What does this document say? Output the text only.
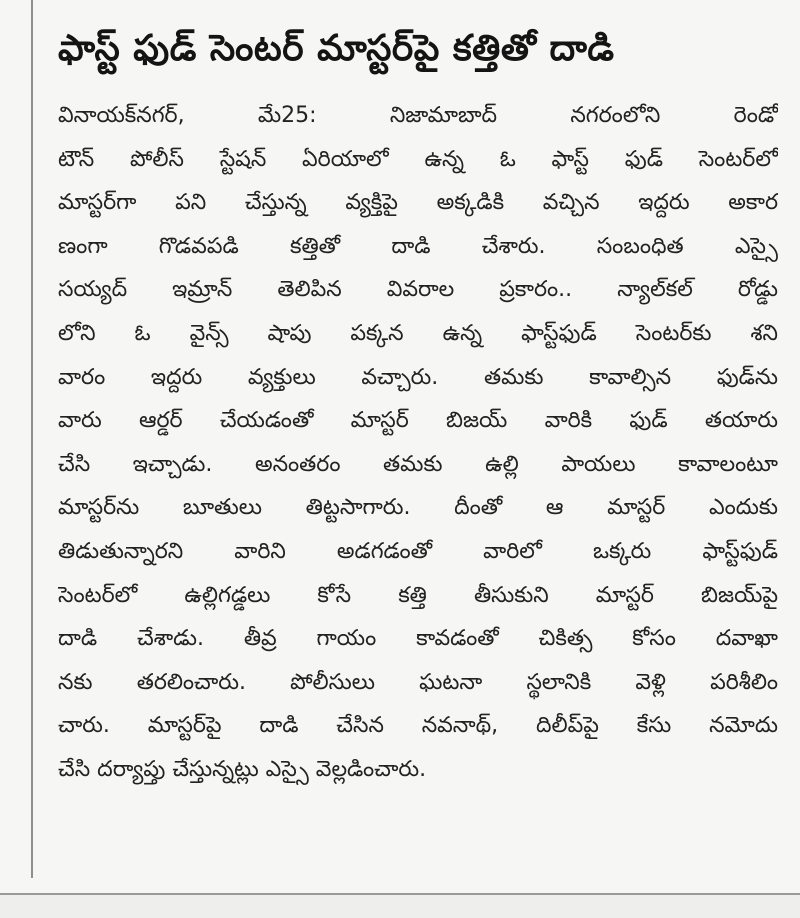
ఫాస్ట్ ఫుడ్ సెంటర్ మాస్టర్‌పై కత్తితో దాడి
వినాయక్‌నగర్, మే25: నిజామాబాద్ నగరంలోని రెండో
టౌన్ పోలీస్ స్టేషన్ ఏరియాలో ఉన్న ఓ ఫాస్ట్ ఫుడ్ సెంటర్‌లో
మాస్టర్‌గా పని చేస్తున్న వ్యక్తిపై అక్కడికి వచ్చిన ఇద్దరు అకార
ణంగా గొడవపడి కత్తితో దాడి చేశారు. సంబంధిత ఎస్సై
సయ్యద్ ఇమ్రాన్ తెలిపిన వివరాల ప్రకారం.. న్యాల్‌కల్ రోడ్డు
లోని ఓ వైన్స్ షాపు పక్కన ఉన్న ఫాస్ట్‌ఫుడ్ సెంటర్‌కు శని
వారం ఇద్దరు వ్యక్తులు వచ్చారు. తమకు కావాల్సిన ఫుడ్‌ను
వారు ఆర్డర్ చేయడంతో మాస్టర్ బిజయ్ వారికి ఫుడ్ తయారు
చేసి ఇచ్చాడు. అనంతరం తమకు ఉల్లి పాయలు కావాలంటూ
మాస్టర్‌ను బూతులు తిట్టసాగారు. దీంతో ఆ మాస్టర్ ఎందుకు
తిడుతున్నారని వారిని అడగడంతో వారిలో ఒక్కరు ఫాస్ట్‌ఫుడ్
సెంటర్‌లో ఉల్లిగడ్డలు కోసే కత్తి తీసుకుని మాస్టర్ బిజయ్‌పై
దాడి చేశాడు. తీవ్ర గాయం కావడంతో చికిత్స కోసం దవాఖా
నకు తరలించారు. పోలీసులు ఘటనా స్థలానికి వెళ్లి పరిశీలిం
చారు. మాస్టర్‌పై దాడి చేసిన నవనాథ్, దిలీప్‌పై కేసు నమోదు
చేసి దర్యాప్తు చేస్తున్నట్లు ఎస్సై వెల్లడించారు.
